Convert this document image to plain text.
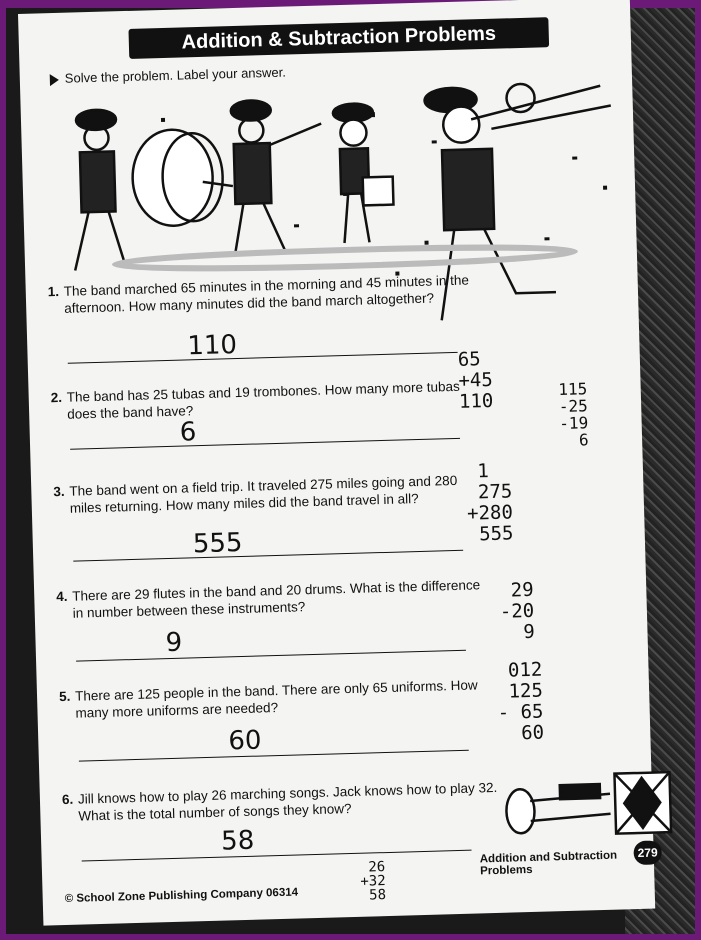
Addition & Subtraction Problems
Solve the problem. Label your answer.
1. The band marched 65 minutes in the morning and 45 minutes in the afternoon. How many minutes did the band march altogether?
110	65
+45
110
2. The band has 25 tubas and 19 trombones. How many more tubas does the band have?
6
115
-25
-19
6
3. The band went on a field trip. It traveled 275 miles going and 280 miles returning. How many miles did the band travel in all?
555
1
275
+280
555
4. There are 29 flutes in the band and 20 drums. What is the difference in number between these instruments?
9
29
-20
9
5. There are 125 people in the band. There are only 65 uniforms. How many more uniforms are needed?
60
012
125
- 65
60
6. Jill knows how to play 26 marching songs. Jack knows how to play 32. What is the total number of songs they know?
58
26
+32
58
© School Zone Publishing Company 06314
Addition and Subtraction Problems
279
